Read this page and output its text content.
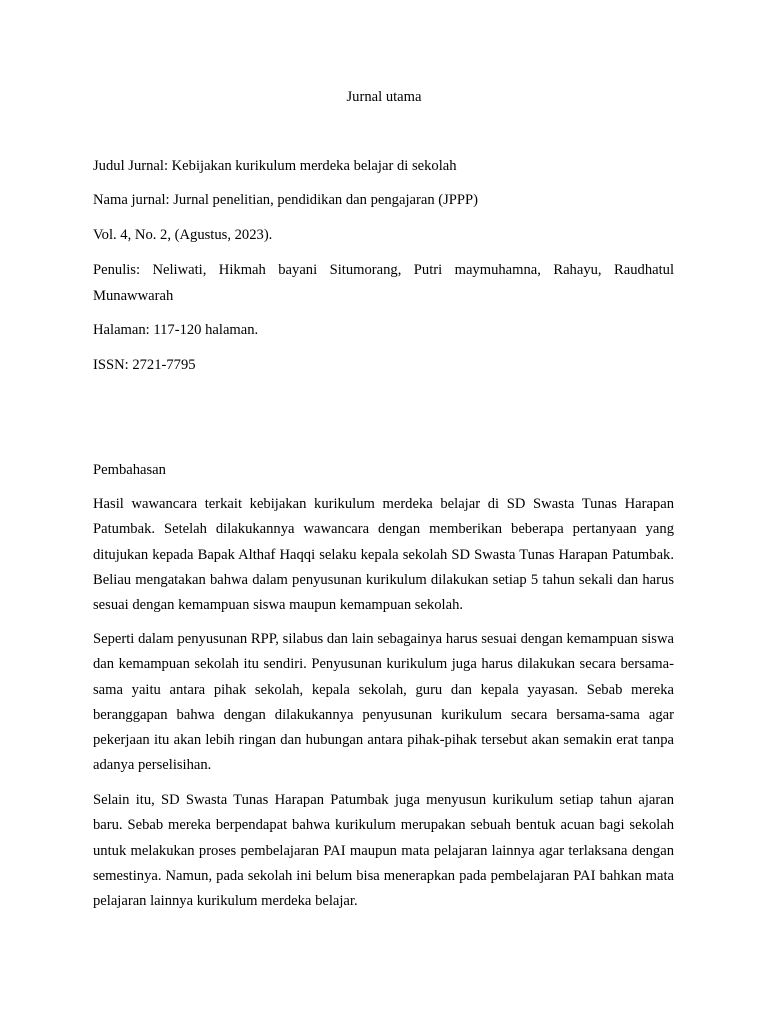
Jurnal utama

Judul Jurnal: Kebijakan kurikulum merdeka belajar di sekolah

Nama jurnal: Jurnal penelitian, pendidikan dan pengajaran (JPPP)

Vol. 4, No. 2, (Agustus, 2023).

Penulis: Neliwati, Hikmah bayani Situmorang, Putri maymuhamna, Rahayu, Raudhatul Munawwarah

Halaman: 117-120 halaman.

ISSN: 2721-7795

Pembahasan

Hasil wawancara terkait kebijakan kurikulum merdeka belajar di SD Swasta Tunas Harapan Patumbak. Setelah dilakukannya wawancara dengan memberikan beberapa pertanyaan yang ditujukan kepada Bapak Althaf Haqqi selaku kepala sekolah SD Swasta Tunas Harapan Patumbak. Beliau mengatakan bahwa dalam penyusunan kurikulum dilakukan setiap 5 tahun sekali dan harus sesuai dengan kemampuan siswa maupun kemampuan sekolah.

Seperti dalam penyusunan RPP, silabus dan lain sebagainya harus sesuai dengan kemampuan siswa dan kemampuan sekolah itu sendiri. Penyusunan kurikulum juga harus dilakukan secara bersama-sama yaitu antara pihak sekolah, kepala sekolah, guru dan kepala yayasan. Sebab mereka beranggapan bahwa dengan dilakukannya penyusunan kurikulum secara bersama-sama agar pekerjaan itu akan lebih ringan dan hubungan antara pihak-pihak tersebut akan semakin erat tanpa adanya perselisihan.

Selain itu, SD Swasta Tunas Harapan Patumbak juga menyusun kurikulum setiap tahun ajaran baru. Sebab mereka berpendapat bahwa kurikulum merupakan sebuah bentuk acuan bagi sekolah untuk melakukan proses pembelajaran PAI maupun mata pelajaran lainnya agar terlaksana dengan semestinya. Namun, pada sekolah ini belum bisa menerapkan pada pembelajaran PAI bahkan mata pelajaran lainnya kurikulum merdeka belajar.
